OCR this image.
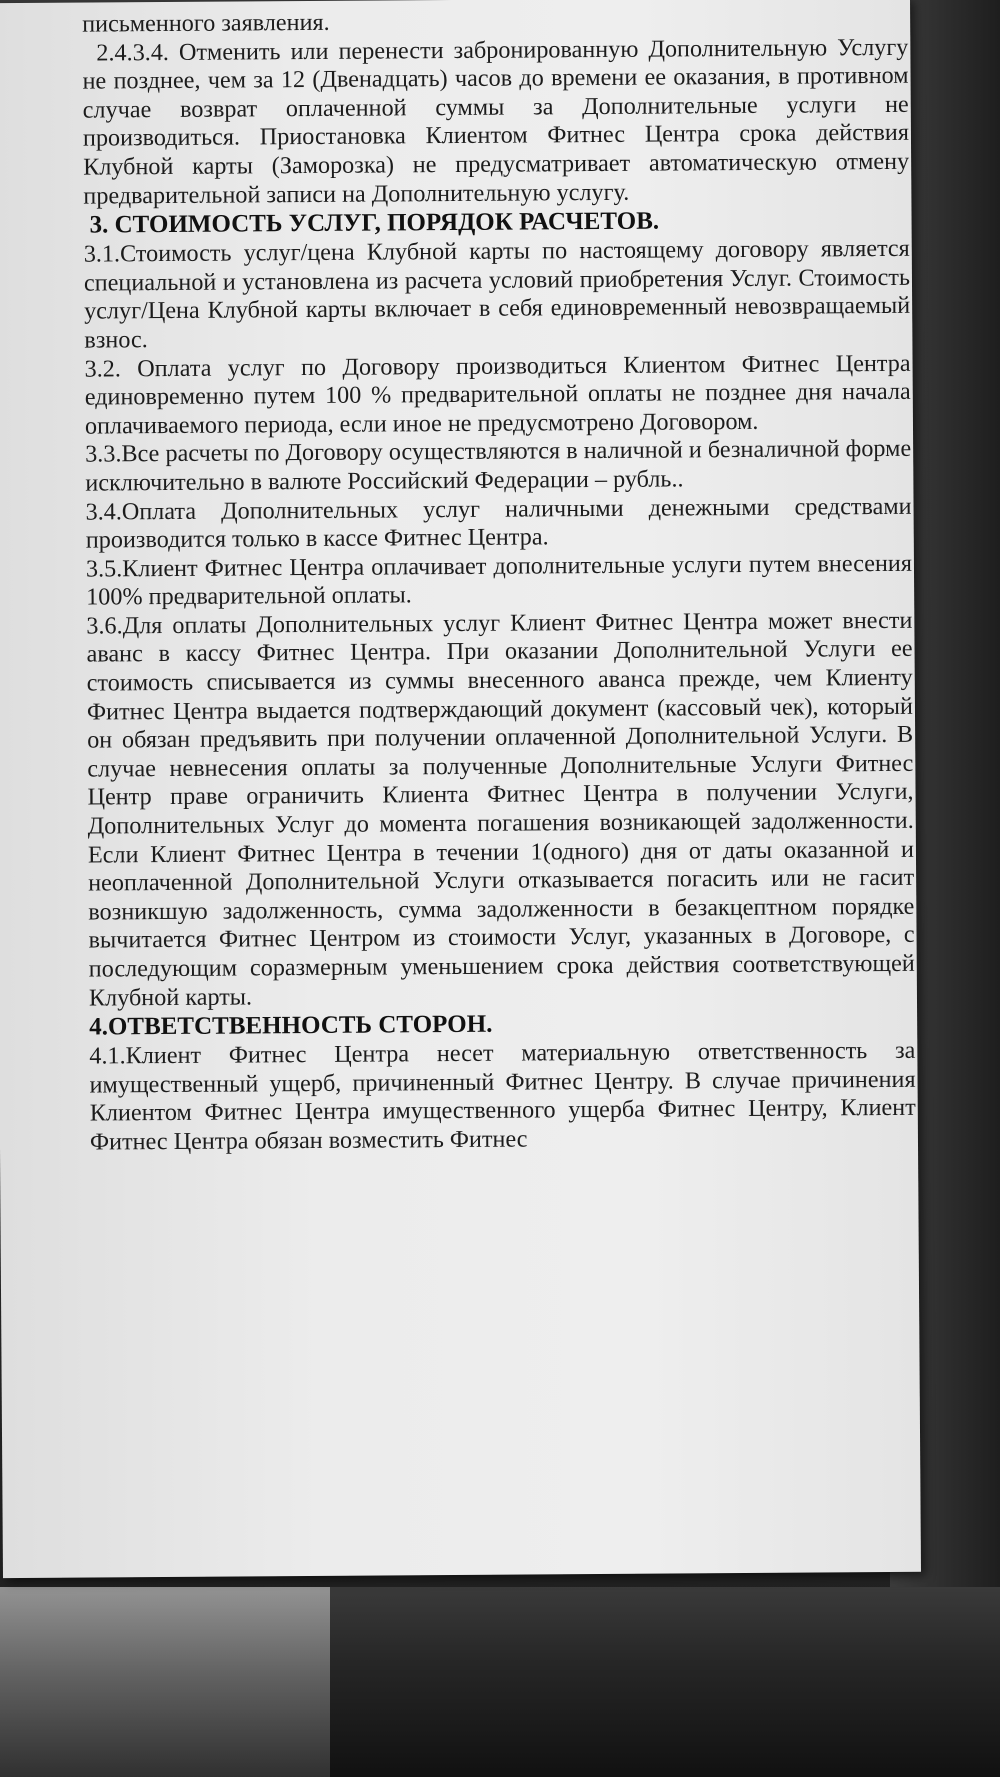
письменного заявления.

2.4.3.4. Отменить или перенести забронированную Дополнительную Услугу не позднее, чем за 12 (Двенадцать) часов до времени ее оказания, в противном случае возврат оплаченной суммы за Дополнительные услуги не производиться. Приостановка Клиентом Фитнес Центра срока действия Клубной карты (Заморозка) не предусматривает автоматическую отмену предварительной записи на Дополнительную услугу.

3. СТОИМОСТЬ УСЛУГ, ПОРЯДОК РАСЧЕТОВ.

3.1.Стоимость услуг/цена Клубной карты по настоящему договору является специальной и установлена из расчета условий приобретения Услуг. Стоимость услуг/Цена Клубной карты включает в себя единовременный невозвращаемый взнос.

3.2. Оплата услуг по Договору производиться Клиентом Фитнес Центра единовременно путем 100 % предварительной оплаты не позднее дня начала оплачиваемого периода, если иное не предусмотрено Договором.

3.3.Все расчеты по Договору осуществляются в наличной и безналичной форме исключительно в валюте Российский Федерации – рубль..

3.4.Оплата Дополнительных услуг наличными денежными средствами производится только в кассе Фитнес Центра.

3.5.Клиент Фитнес Центра оплачивает дополнительные услуги путем внесения 100% предварительной оплаты.

3.6.Для оплаты Дополнительных услуг Клиент Фитнес Центра может внести аванс в кассу Фитнес Центра. При оказании Дополнительной Услуги ее стоимость списывается из суммы внесенного аванса прежде, чем Клиенту Фитнес Центра выдается подтверждающий документ (кассовый чек), который он обязан предъявить при получении оплаченной Дополнительной Услуги. В случае невнесения оплаты за полученные Дополнительные Услуги Фитнес Центр праве ограничить Клиента Фитнес Центра в получении Услуги, Дополнительных Услуг до момента погашения возникающей задолженности. Если Клиент Фитнес Центра в течении 1(одного) дня от даты оказанной и неоплаченной Дополнительной Услуги отказывается погасить или не гасит возникшую задолженность, сумма задолженности в безакцептном порядке вычитается Фитнес Центром из стоимости Услуг, указанных в Договоре, с последующим соразмерным уменьшением срока действия соответствующей Клубной карты.

4.ОТВЕТСТВЕННОСТЬ СТОРОН.

4.1.Клиент Фитнес Центра несет материальную ответственность за имущественный ущерб, причиненный Фитнес Центру. В случае причинения Клиентом Фитнес Центра имущественного ущерба Фитнес Центру, Клиент Фитнес Центра обязан возместить Фитнес
